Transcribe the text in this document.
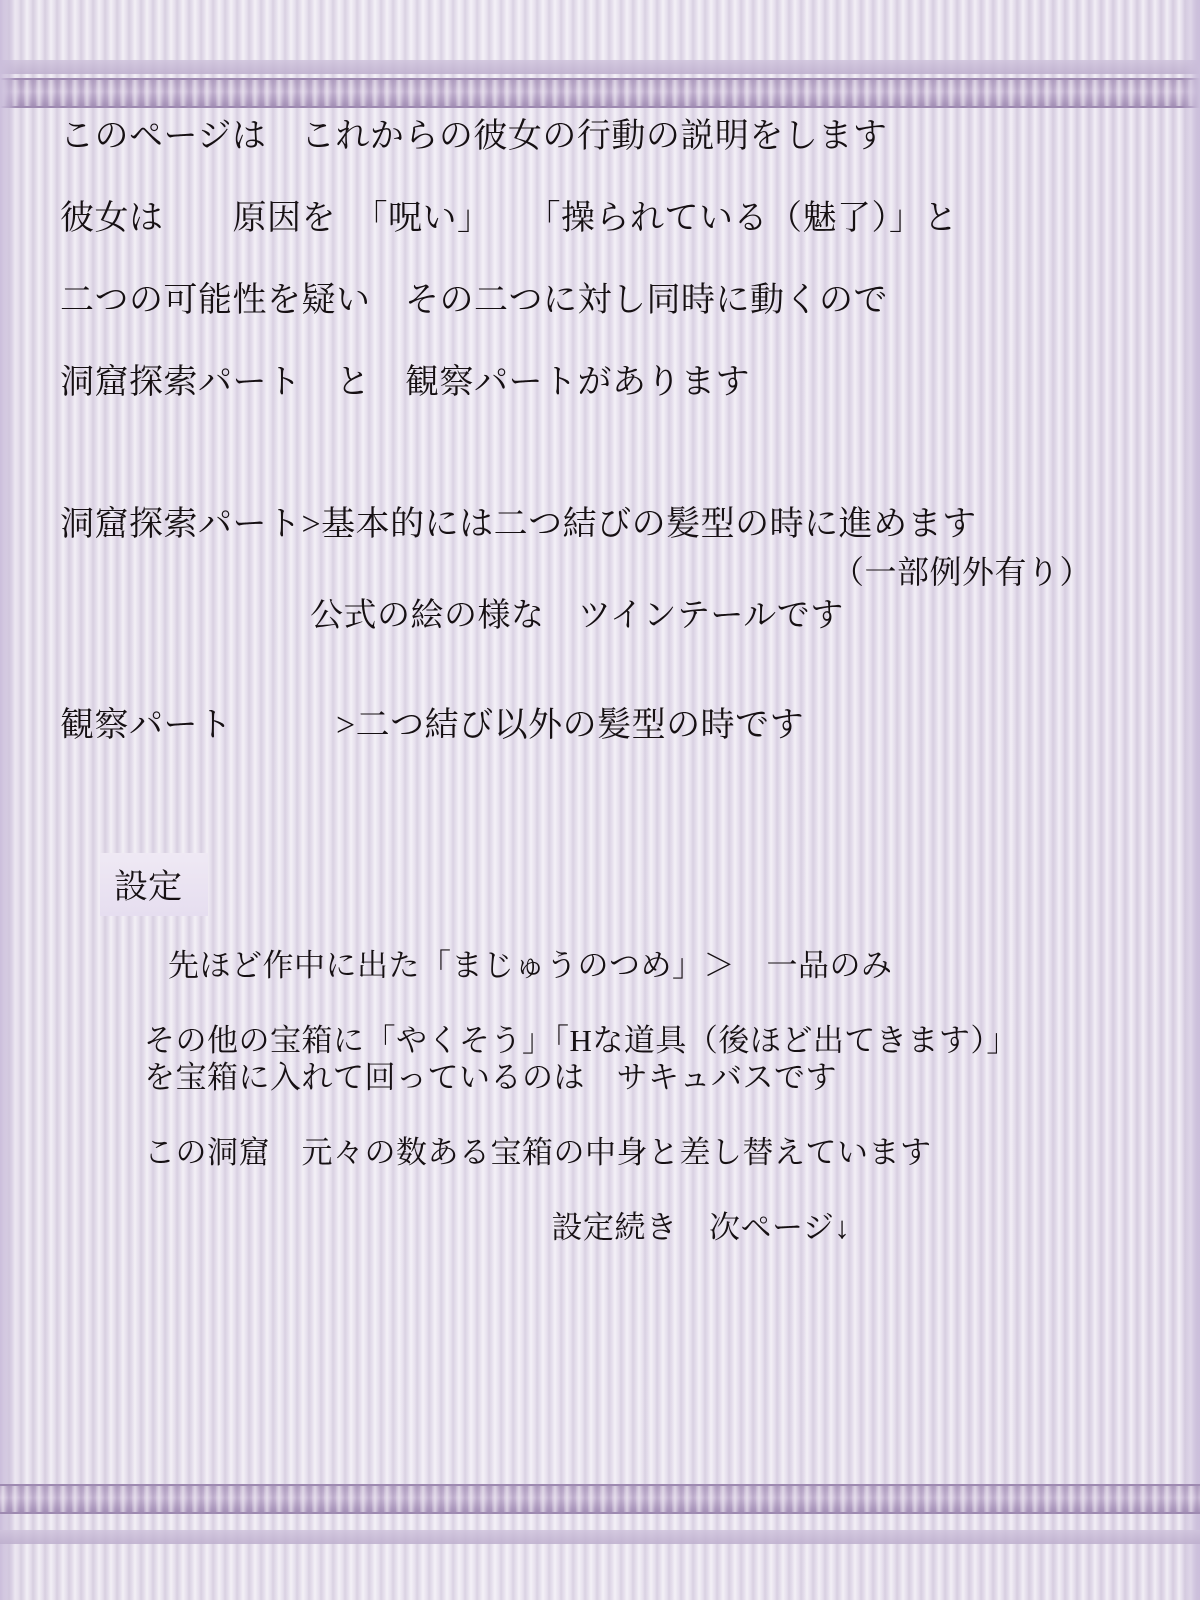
このページは　これからの彼女の行動の説明をします

彼女は　　原因を　「呪い」　　「操られている（魅了）」と

二つの可能性を疑い　その二つに対し同時に動くので

洞窟探索パート　と　観察パートがあります

洞窟探索パート>基本的には二つ結びの髪型の時に進めます

（一部例外有り）

公式の絵の様な　ツインテールです

観察パート　　　>二つ結び以外の髪型の時です

設定

先ほど作中に出た「まじゅうのつめ」＞　一品のみ

その他の宝箱に「やくそう」「Hな道具（後ほど出てきます）」

を宝箱に入れて回っているのは　サキュバスです

この洞窟　元々の数ある宝箱の中身と差し替えています

設定続き　次ページ↓
